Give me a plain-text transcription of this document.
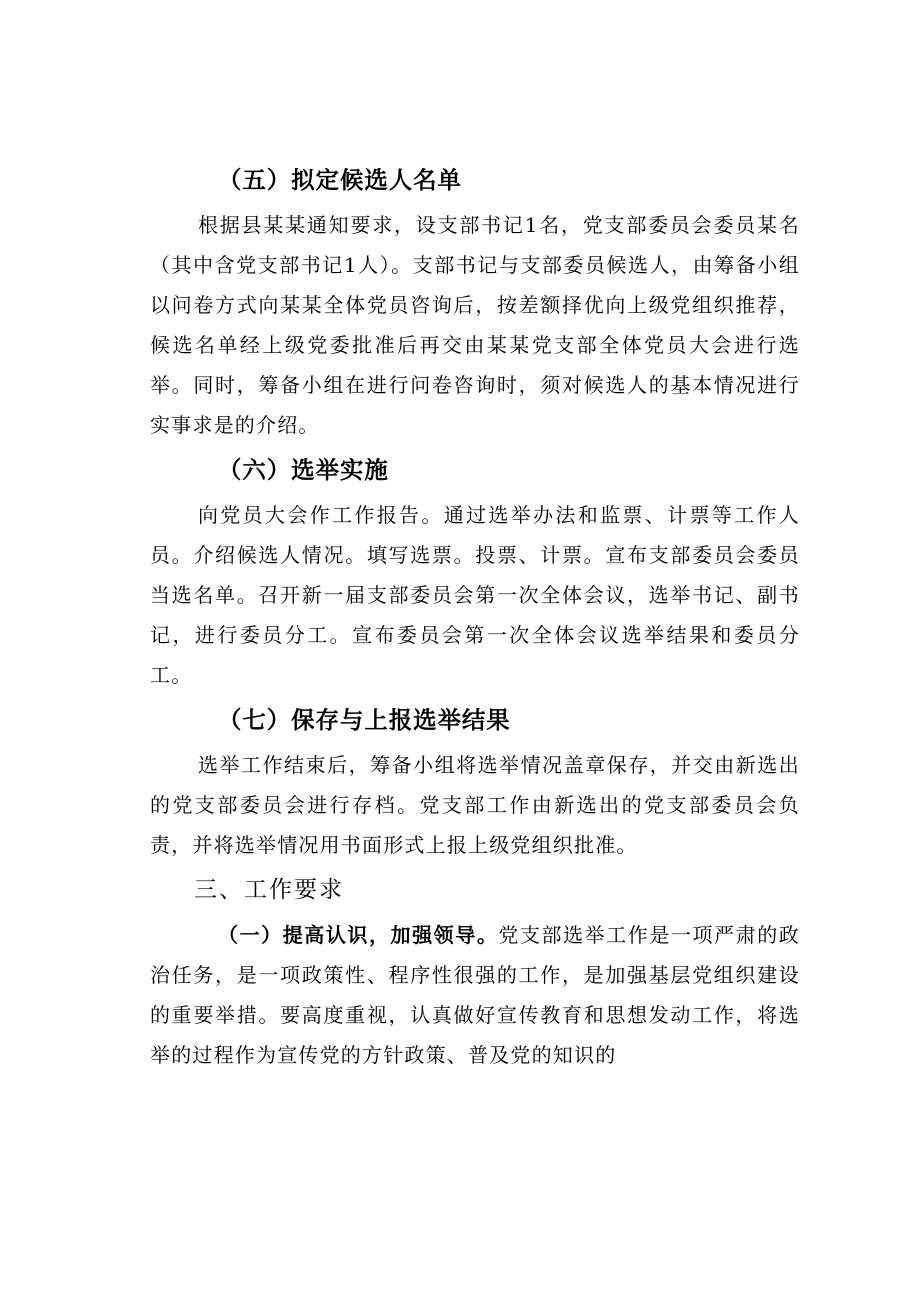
（五）拟定候选人名单

根据县某某通知要求，设支部书记1名，党支部委员会委员某名（其中含党支部书记1人）。支部书记与支部委员候选人，由筹备小组以问卷方式向某某全体党员咨询后，按差额择优向上级党组织推荐，候选名单经上级党委批准后再交由某某党支部全体党员大会进行选举。同时，筹备小组在进行问卷咨询时，须对候选人的基本情况进行实事求是的介绍。

（六）选举实施

向党员大会作工作报告。通过选举办法和监票、计票等工作人员。介绍候选人情况。填写选票。投票、计票。宣布支部委员会委员当选名单。召开新一届支部委员会第一次全体会议，选举书记、副书记，进行委员分工。宣布委员会第一次全体会议选举结果和委员分工。

（七）保存与上报选举结果

选举工作结束后，筹备小组将选举情况盖章保存，并交由新选出的党支部委员会进行存档。党支部工作由新选出的党支部委员会负责，并将选举情况用书面形式上报上级党组织批准。

三、工作要求

（一）提高认识，加强领导。党支部选举工作是一项严肃的政治任务，是一项政策性、程序性很强的工作，是加强基层党组织建设的重要举措。要高度重视，认真做好宣传教育和思想发动工作，将选举的过程作为宣传党的方针政策、普及党的知识的
